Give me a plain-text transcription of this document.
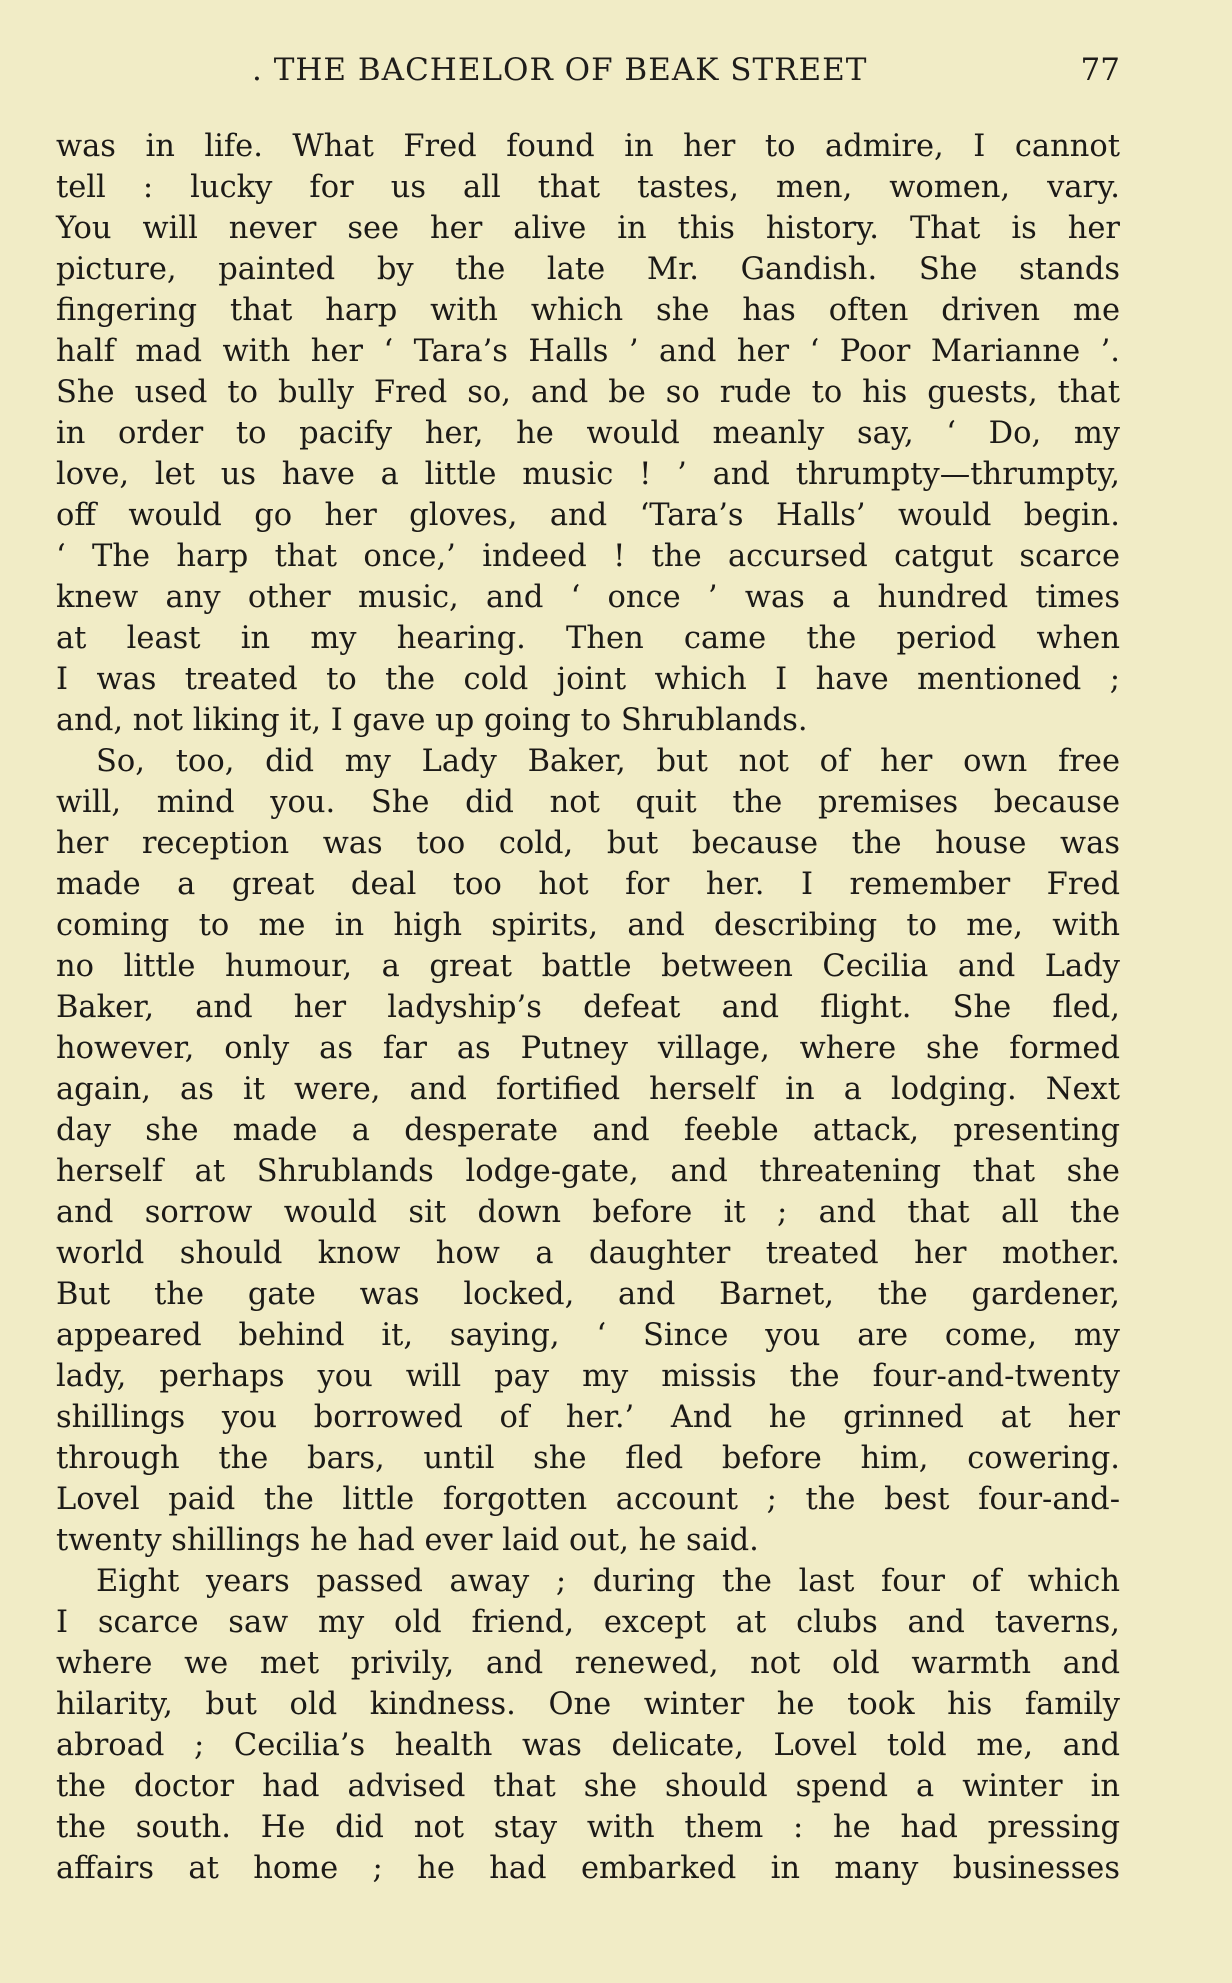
. THE BACHELOR OF BEAK STREET	77
was in life. What Fred found in her to admire, I cannot
tell : lucky for us all that tastes, men, women, vary.
You will never see her alive in this history. That is her
picture, painted by the late Mr. Gandish. She stands
fingering that harp with which she has often driven me
half mad with her ‘ Tara’s Halls ’ and her ‘ Poor Marianne ’.
She used to bully Fred so, and be so rude to his guests, that
in order to pacify her, he would meanly say, ‘ Do, my
love, let us have a little music ! ’ and thrumpty—thrumpty,
off would go her gloves, and ‘Tara’s Halls’ would begin.
‘ The harp that once,’ indeed ! the accursed catgut scarce
knew any other music, and ‘ once ’ was a hundred times
at least in my hearing. Then came the period when
I was treated to the cold joint which I have mentioned ;
and, not liking it, I gave up going to Shrublands.
So, too, did my Lady Baker, but not of her own free
will, mind you. She did not quit the premises because
her reception was too cold, but because the house was
made a great deal too hot for her. I remember Fred
coming to me in high spirits, and describing to me, with
no little humour, a great battle between Cecilia and Lady
Baker, and her ladyship’s defeat and flight. She fled,
however, only as far as Putney village, where she formed
again, as it were, and fortified herself in a lodging. Next
day she made a desperate and feeble attack, presenting
herself at Shrublands lodge-gate, and threatening that she
and sorrow would sit down before it ; and that all the
world should know how a daughter treated her mother.
But the gate was locked, and Barnet, the gardener,
appeared behind it, saying, ‘ Since you are come, my
lady, perhaps you will pay my missis the four-and-twenty
shillings you borrowed of her.’ And he grinned at her
through the bars, until she fled before him, cowering.
Lovel paid the little forgotten account ; the best four-and-
twenty shillings he had ever laid out, he said.
Eight years passed away ; during the last four of which
I scarce saw my old friend, except at clubs and taverns,
where we met privily, and renewed, not old warmth and
hilarity, but old kindness. One winter he took his family
abroad ; Cecilia’s health was delicate, Lovel told me, and
the doctor had advised that she should spend a winter in
the south. He did not stay with them : he had pressing
affairs at home ; he had embarked in many businesses
